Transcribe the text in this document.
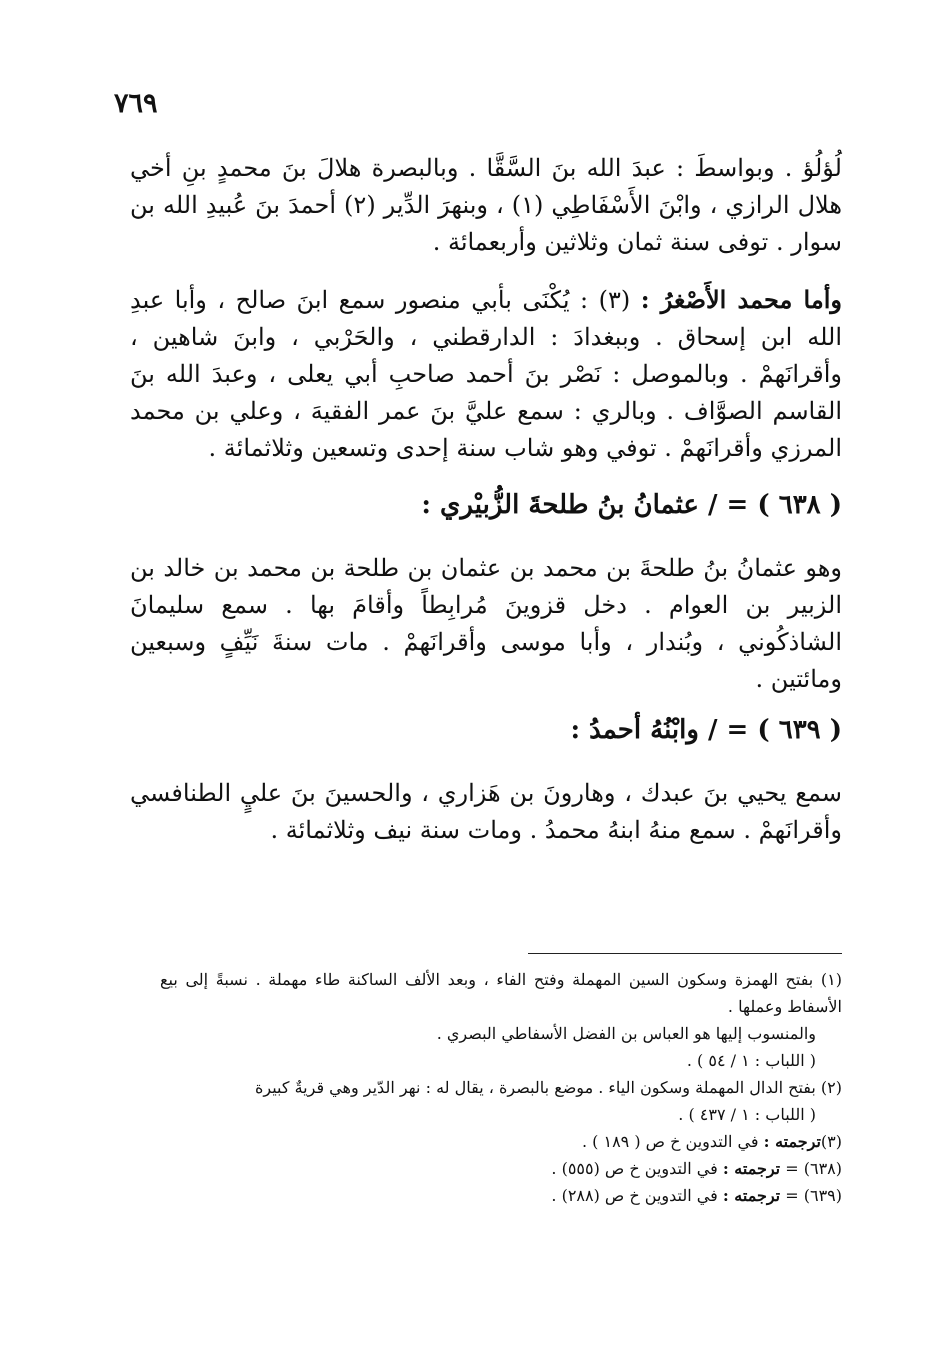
٧٦٩

لُؤلُؤ . وبواسطَ : عبدَ الله بنَ السَّقَّا . وبالبصرة هلالَ بنَ محمدٍ بنِ أخي هلال الرازي ، وابْنَ الأَسْفَاطِي (١) ، وبنهرَ الدِّير (٢) أحمدَ بنَ عُبيدِ الله بن سوار . توفى سنة ثمان وثلاثين وأربعمائة .

وأما محمد الأَصْغرُ : (٣) : يُكْنَى بأبي منصور سمع ابنَ صالح ، وأبا عبدِ الله ابن إسحاق . وببغدادَ : الدارقطني ، والحَرْبي ، وابنَ شاهين ، وأقرانَهمْ . وبالموصل : نَصْر بنَ أحمد صاحبِ أبي يعلى ، وعبدَ الله بنَ القاسم الصوَّاف . وبالري : سمع عليَّ بنَ عمر الفقيهَ ، وعلي بن محمد المرزي وأقرانَهمْ . توفي وهو شاب سنة إحدى وتسعين وثلاثمائة .

( ٦٣٨ ) = / عثمانُ بنُ طلحةَ الزُّبيْري :

وهو عثمانُ بنُ طلحةَ بن محمد بن عثمان بن طلحة بن محمد بن خالد بن الزبير بن العوام . دخل قزوينَ مُرابِطاً وأقامَ بها . سمع سليمانَ الشاذكُوني ، وبُندار ، وأبا موسى وأقرانَهمْ . مات سنةَ نَيِّفٍ وسبعين ومائتين .

( ٦٣٩ ) = / وابْنُهُ أحمدُ :

سمع يحيي بنَ عبدك ، وهارونَ بن هَزاري ، والحسينَ بنَ عليٍ الطنافسي وأقرانَهمْ . سمع منهُ ابنهُ محمدُ . ومات سنة نيف وثلاثمائة .

(١) بفتح الهمزة وسكون السين المهملة وفتح الفاء ، وبعد الألف الساكنة طاء مهملة . نسبةً إلى بيع الأسفاط وعملها .

والمنسوب إليها هو العباس بن الفضل الأسفاطي البصري .

( اللباب : ١ / ٥٤ ) .

(٢) بفتح الدال المهملة وسكون الياء . موضع بالبصرة ، يقال له : نهر الدّير وهي قريةٌ كبيرة

( اللباب : ١ / ٤٣٧ ) .

(٣)ترجمته : في التدوين خ ص ( ١٨٩ ) .

(٦٣٨) = ترجمته : في التدوين خ ص (٥٥٥) .

(٦٣٩) = ترجمته : في التدوين خ ص (٢٨٨) .
